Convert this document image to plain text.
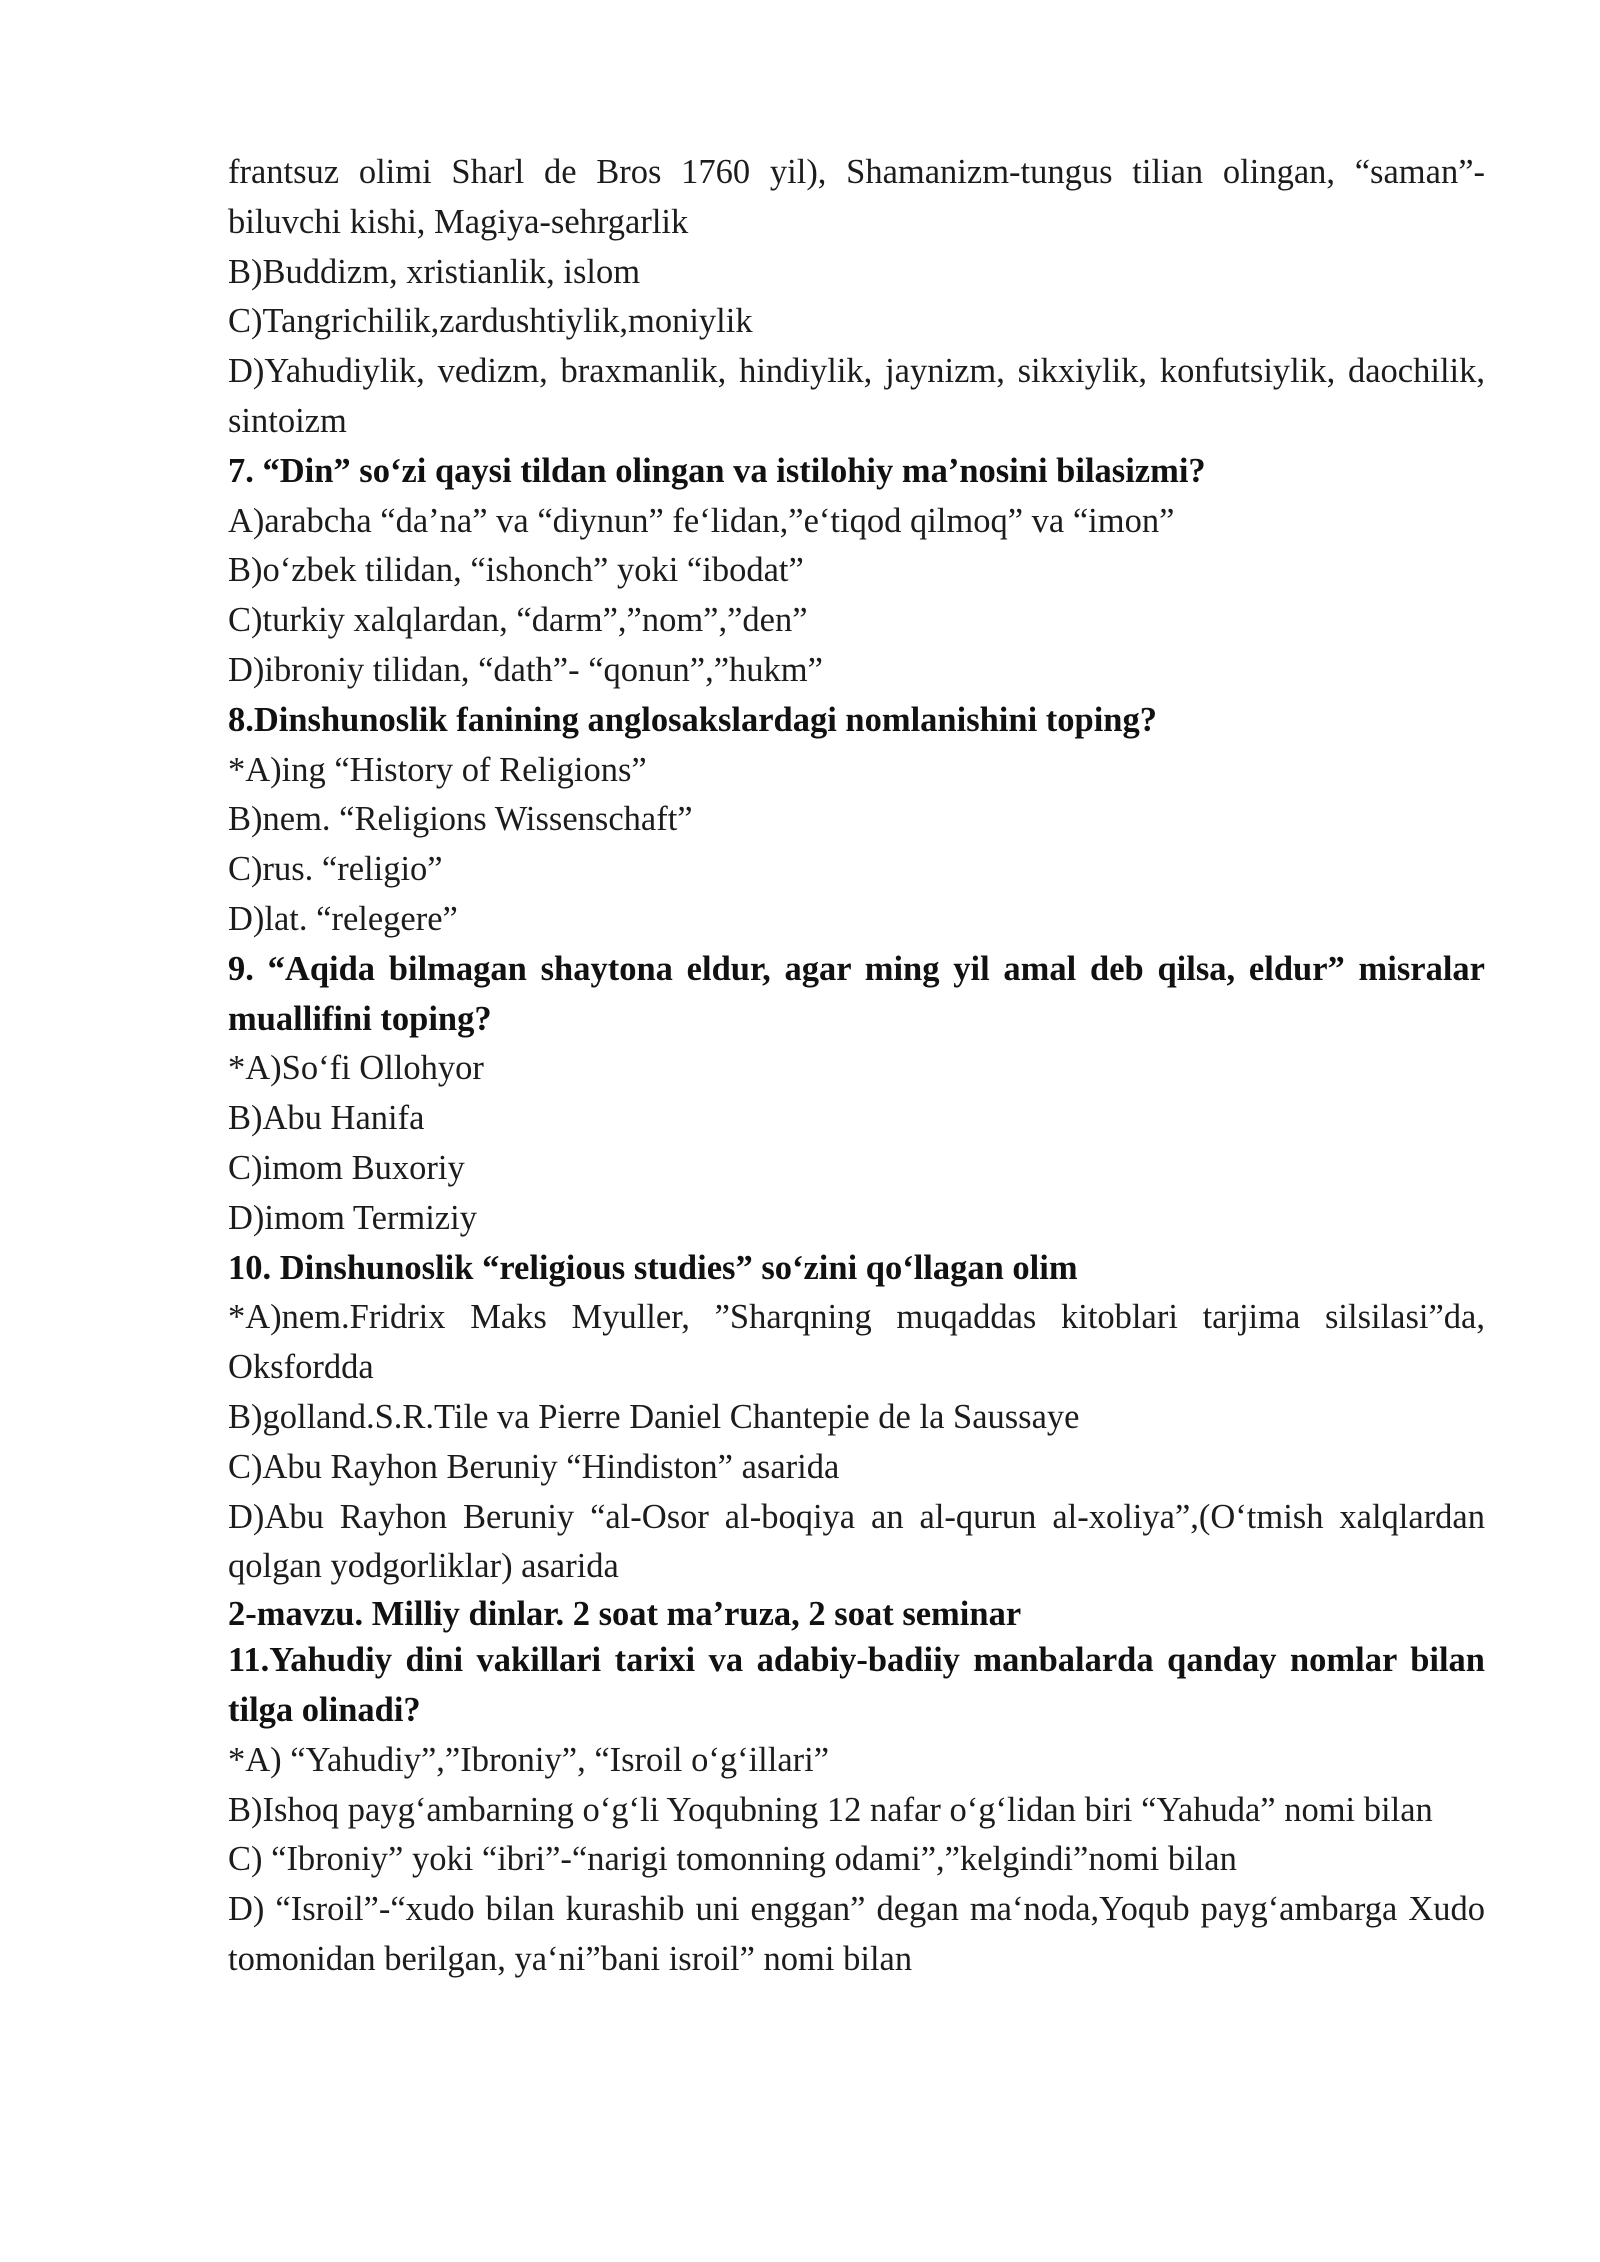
frantsuz olimi Sharl de Bros 1760 yil), Shamanizm-tungus tilian olingan, “saman”-biluvchi kishi, Magiya-sehrgarlik

B)Buddizm, xristianlik, islom

C)Tangrichilik,zardushtiylik,moniylik

D)Yahudiylik, vedizm, braxmanlik, hindiylik, jaynizm, sikxiylik, konfutsiylik, daochilik, sintoizm

7. “Din” so‘zi qaysi tildan olingan va istilohiy ma’nosini bilasizmi?

A)arabcha “da’na” va “diynun” fe‘lidan,”e‘tiqod qilmoq” va “imon”

B)o‘zbek tilidan, “ishonch” yoki “ibodat”

C)turkiy xalqlardan, “darm”,”nom”,”den”

D)ibroniy tilidan, “dath”- “qonun”,”hukm”

8.Dinshunoslik fanining anglosakslardagi nomlanishini toping?

*A)ing “History of Religions”

B)nem. “Religions Wissenschaft”

C)rus. “religio”

D)lat. “relegere”

9. “Aqida bilmagan shaytona eldur, agar ming yil amal deb qilsa, eldur” misralar muallifini toping?

*A)So‘fi Ollohyor

B)Abu Hanifa

C)imom Buxoriy

D)imom Termiziy

10. Dinshunoslik “religious studies” so‘zini qo‘llagan olim

*A)nem.Fridrix Maks Myuller, ”Sharqning muqaddas kitoblari tarjima silsilasi”da, Oksfordda

B)golland.S.R.Tile va Pierre Daniel Chantepie de la Saussaye

C)Abu Rayhon Beruniy “Hindiston” asarida

D)Abu Rayhon Beruniy “al-Osor al-boqiya an al-qurun al-xoliya”,(O‘tmish xalqlardan qolgan yodgorliklar) asarida

2-mavzu. Milliy dinlar. 2 soat ma’ruza, 2 soat seminar

11.Yahudiy dini vakillari tarixi va adabiy-badiiy manbalarda qanday nomlar bilan tilga olinadi?

*A) “Yahudiy”,”Ibroniy”, “Isroil o‘g‘illari”

B)Ishoq payg‘ambarning o‘g‘li Yoqubning 12 nafar o‘g‘lidan biri “Yahuda” nomi bilan

C) “Ibroniy” yoki “ibri”-“narigi tomonning odami”,”kelgindi”nomi bilan

D) “Isroil”-“xudo bilan kurashib uni enggan” degan ma‘noda,Yoqub payg‘ambarga Xudo tomonidan berilgan, ya‘ni”bani isroil” nomi bilan
